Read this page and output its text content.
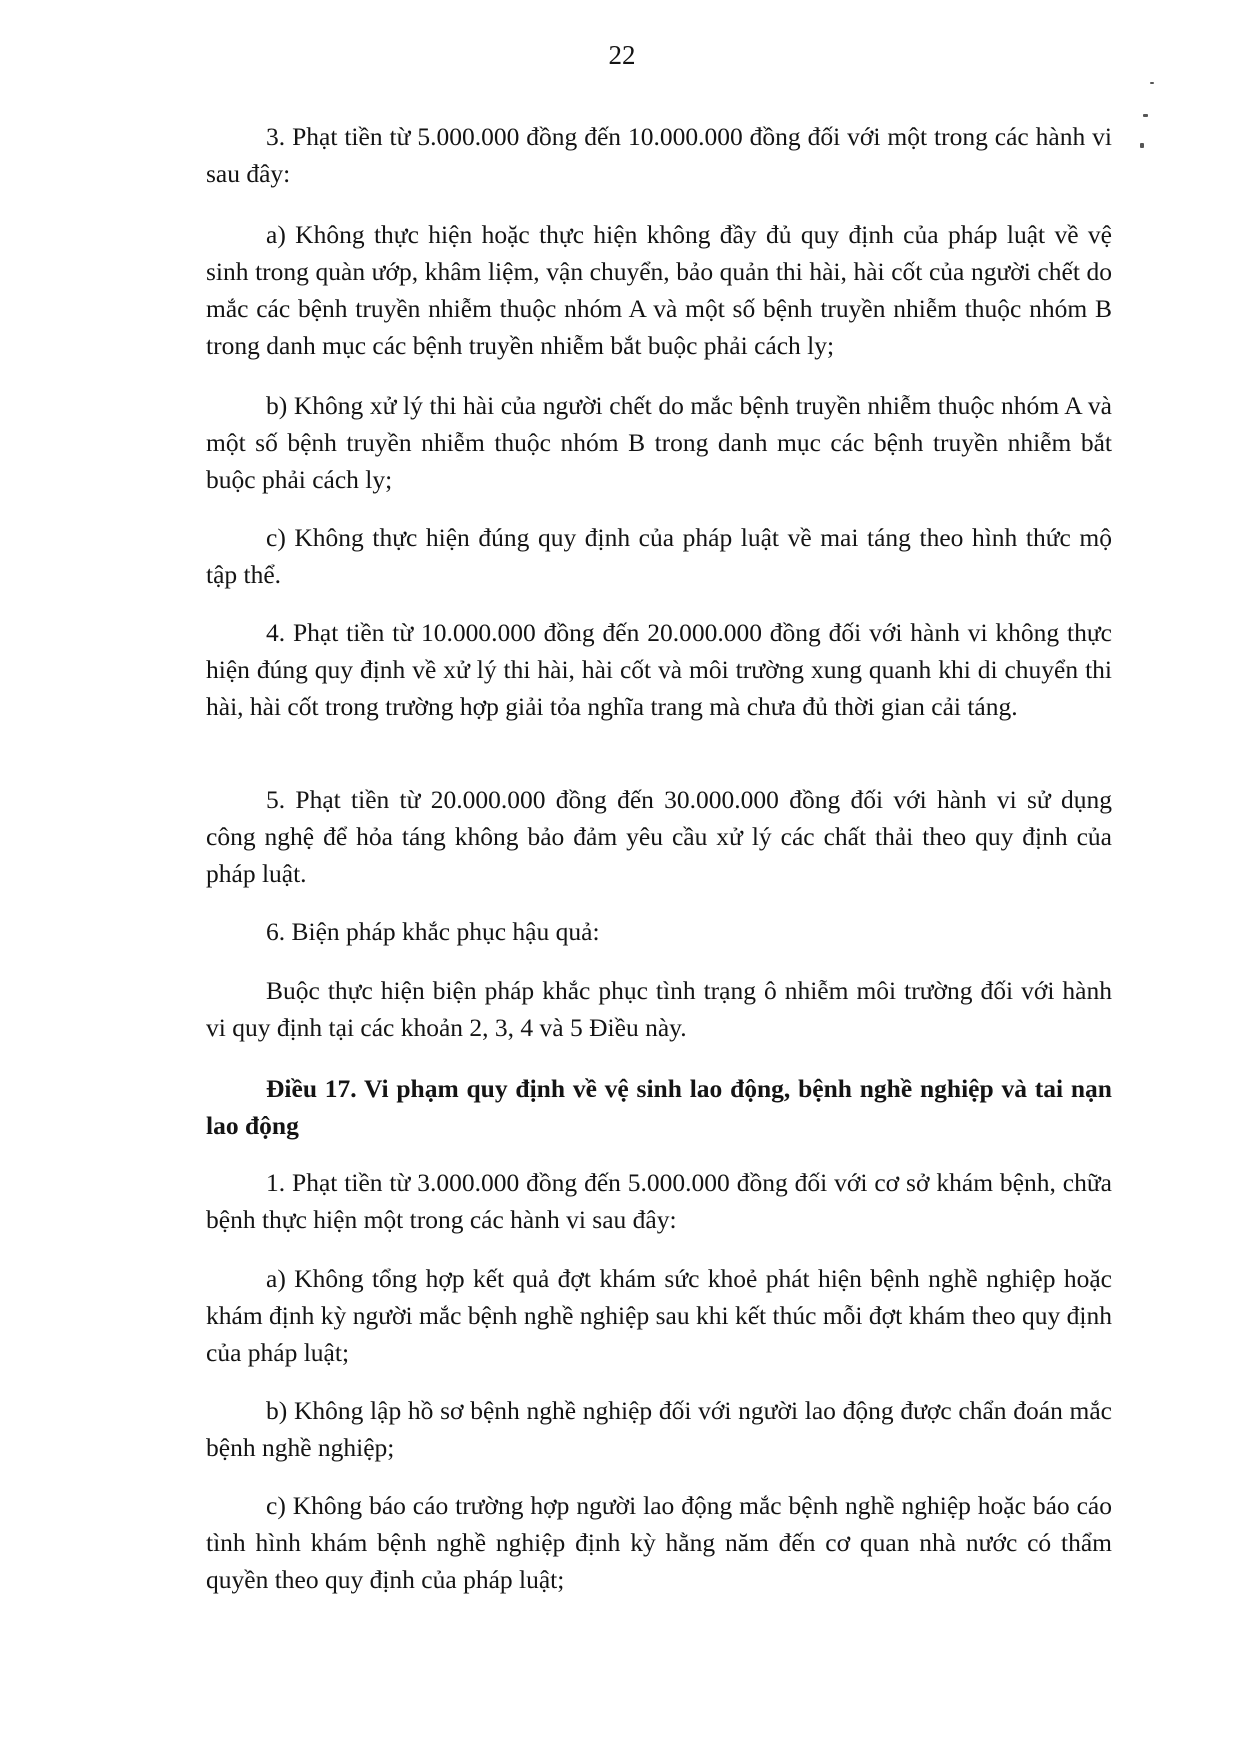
22

3. Phạt tiền từ 5.000.000 đồng đến 10.000.000 đồng đối với một trong các hành vi sau đây:

a) Không thực hiện hoặc thực hiện không đầy đủ quy định của pháp luật về vệ sinh trong quàn ướp, khâm liệm, vận chuyển, bảo quản thi hài, hài cốt của người chết do mắc các bệnh truyền nhiễm thuộc nhóm A và một số bệnh truyền nhiễm thuộc nhóm B trong danh mục các bệnh truyền nhiễm bắt buộc phải cách ly;

b) Không xử lý thi hài của người chết do mắc bệnh truyền nhiễm thuộc nhóm A và một số bệnh truyền nhiễm thuộc nhóm B trong danh mục các bệnh truyền nhiễm bắt buộc phải cách ly;

c) Không thực hiện đúng quy định của pháp luật về mai táng theo hình thức mộ tập thể.

4. Phạt tiền từ 10.000.000 đồng đến 20.000.000 đồng đối với hành vi không thực hiện đúng quy định về xử lý thi hài, hài cốt và môi trường xung quanh khi di chuyển thi hài, hài cốt trong trường hợp giải tỏa nghĩa trang mà chưa đủ thời gian cải táng.

5. Phạt tiền từ 20.000.000 đồng đến 30.000.000 đồng đối với hành vi sử dụng công nghệ để hỏa táng không bảo đảm yêu cầu xử lý các chất thải theo quy định của pháp luật.

6. Biện pháp khắc phục hậu quả:

Buộc thực hiện biện pháp khắc phục tình trạng ô nhiễm môi trường đối với hành vi quy định tại các khoản 2, 3, 4 và 5 Điều này.

Điều 17. Vi phạm quy định về vệ sinh lao động, bệnh nghề nghiệp và tai nạn lao động

1. Phạt tiền từ 3.000.000 đồng đến 5.000.000 đồng đối với cơ sở khám bệnh, chữa bệnh thực hiện một trong các hành vi sau đây:

a) Không tổng hợp kết quả đợt khám sức khoẻ phát hiện bệnh nghề nghiệp hoặc khám định kỳ người mắc bệnh nghề nghiệp sau khi kết thúc mỗi đợt khám theo quy định của pháp luật;

b) Không lập hồ sơ bệnh nghề nghiệp đối với người lao động được chẩn đoán mắc bệnh nghề nghiệp;

c) Không báo cáo trường hợp người lao động mắc bệnh nghề nghiệp hoặc báo cáo tình hình khám bệnh nghề nghiệp định kỳ hằng năm đến cơ quan nhà nước có thẩm quyền theo quy định của pháp luật;
